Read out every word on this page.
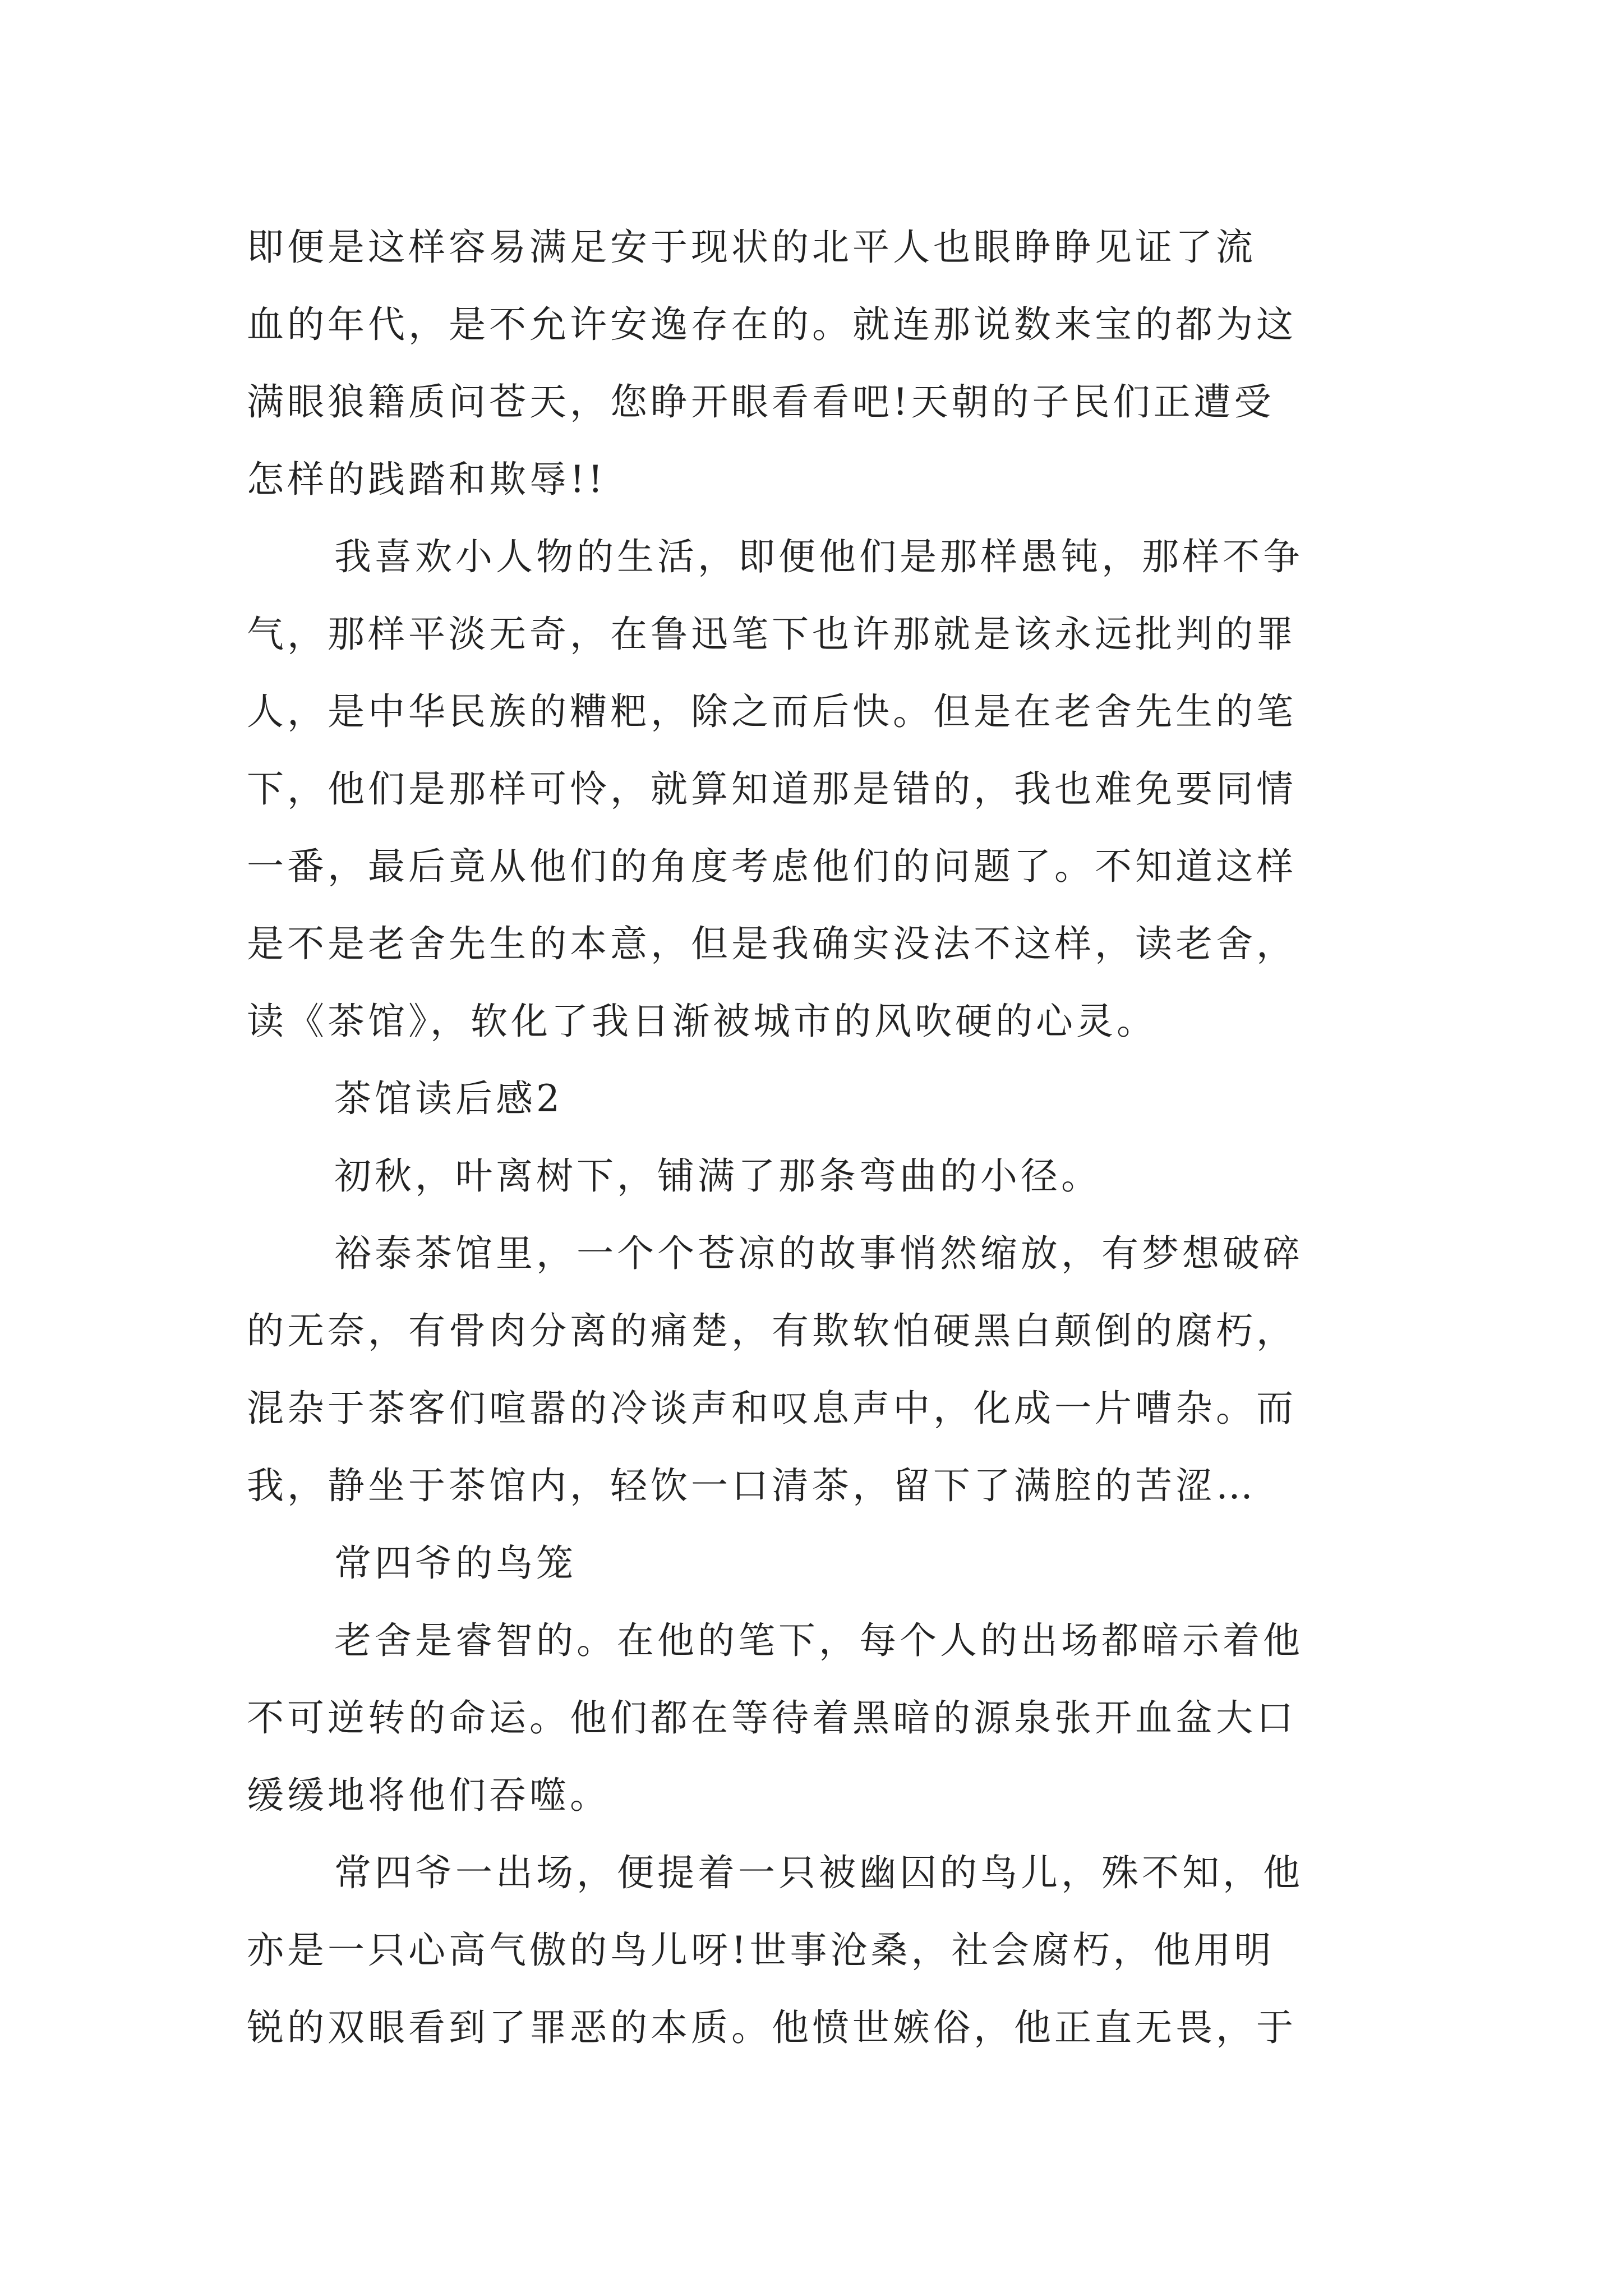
即便是这样容易满足安于现状的北平人也眼睁睁见证了流
血的年代，是不允许安逸存在的。就连那说数来宝的都为这
满眼狼籍质问苍天，您睁开眼看看吧!天朝的子民们正遭受
怎样的践踏和欺辱!!
我喜欢小人物的生活，即便他们是那样愚钝，那样不争
气，那样平淡无奇，在鲁迅笔下也许那就是该永远批判的罪
人，是中华民族的糟粑，除之而后快。但是在老舍先生的笔
下，他们是那样可怜，就算知道那是错的，我也难免要同情
一番，最后竟从他们的角度考虑他们的问题了。不知道这样
是不是老舍先生的本意，但是我确实没法不这样，读老舍，
读《茶馆》，软化了我日渐被城市的风吹硬的心灵。
茶馆读后感2
初秋，叶离树下，铺满了那条弯曲的小径。
裕泰茶馆里，一个个苍凉的故事悄然缩放，有梦想破碎
的无奈，有骨肉分离的痛楚，有欺软怕硬黑白颠倒的腐朽，
混杂于茶客们喧嚣的冷谈声和叹息声中，化成一片嘈杂。而
我，静坐于茶馆内，轻饮一口清茶，留下了满腔的苦涩…
常四爷的鸟笼
老舍是睿智的。在他的笔下，每个人的出场都暗示着他
不可逆转的命运。他们都在等待着黑暗的源泉张开血盆大口
缓缓地将他们吞噬。
常四爷一出场，便提着一只被幽囚的鸟儿，殊不知，他
亦是一只心高气傲的鸟儿呀!世事沧桑，社会腐朽，他用明
锐的双眼看到了罪恶的本质。他愤世嫉俗，他正直无畏，于
